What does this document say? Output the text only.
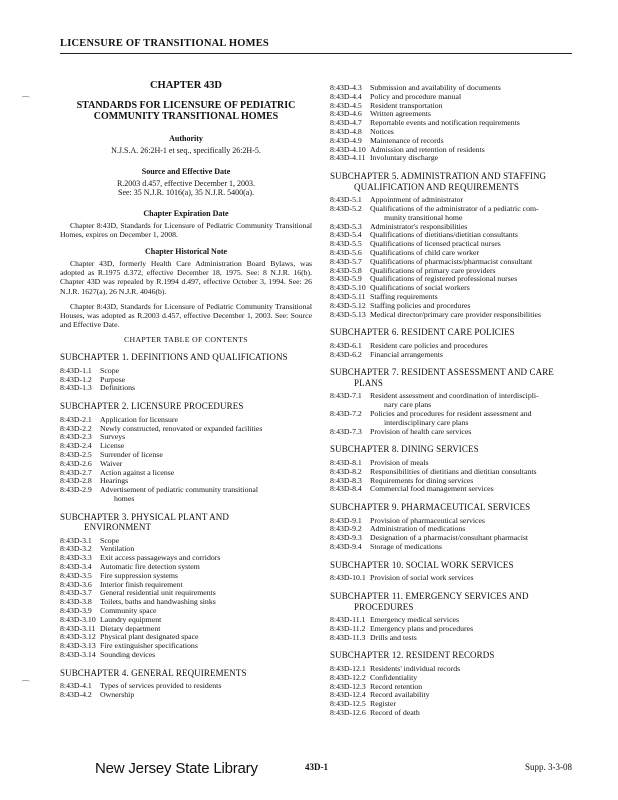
LICENSURE OF TRANSITIONAL HOMES
CHAPTER 43D
STANDARDS FOR LICENSURE OF PEDIATRIC
COMMUNITY TRANSITIONAL HOMES
Authority
N.J.S.A. 26:2H-1 et seq., specifically 26:2H-5.
Source and Effective Date
R.2003 d.457, effective December 1, 2003.
See: 35 N.J.R. 1016(a), 35 N.J.R. 5400(a).
Chapter Expiration Date

Chapter 8:43D, Standards for Licensure of Pediatric Community Transitional Homes, expires on December 1, 2008.

Chapter Historical Note

Chapter 43D, formerly Health Care Administration Board Bylaws, was adopted as R.1975 d.372, effective December 18, 1975. See: 8 N.J.R. 16(b). Chapter 43D was repealed by R.1994 d.497, effective October 3, 1994. See: 26 N.J.R. 1627(a), 26 N.J.R. 4046(b).

Chapter 8:43D, Standards for Licensure of Pediatric Community Transitional Houses, was adopted as R.2003 d.457, effective December 1, 2003. See: Source and Effective Date.

CHAPTER TABLE OF CONTENTS
SUBCHAPTER 1. DEFINITIONS AND QUALIFICATIONS
8:43D-1.1	Scope
8:43D-1.2	Purpose
8:43D-1.3	Definitions
SUBCHAPTER 2. LICENSURE PROCEDURES
8:43D-2.1	Application for licensure
8:43D-2.2	Newly constructed, renovated or expanded facilities
8:43D-2.3	Surveys
8:43D-2.4	License
8:43D-2.5	Surrender of license
8:43D-2.6	Waiver
8:43D-2.7	Action against a license
8:43D-2.8	Hearings
8:43D-2.9	Advertisement of pediatric community transitional
homes
SUBCHAPTER 3. PHYSICAL PLANT AND
ENVIRONMENT
8:43D-3.1	Scope
8:43D-3.2	Ventilation
8:43D-3.3	Exit access passageways and corridors
8:43D-3.4	Automatic fire detection system
8:43D-3.5	Fire suppression systems
8:43D-3.6	Interior finish requirement
8:43D-3.7	General residential unit requirements
8:43D-3.8	Toilets, baths and handwashing sinks
8:43D-3.9	Community space
8:43D-3.10 Laundry equipment
8:43D-3.11 Dietary department
8:43D-3.12 Physical plant designated space
8:43D-3.13 Fire extinguisher specifications
8:43D-3.14 Sounding devices
SUBCHAPTER 4. GENERAL REQUIREMENTS
8:43D-4.1	Types of services provided to residents
8:43D-4.2	Ownership
8:43D-4.3	Submission and availability of documents
8:43D-4.4	Policy and procedure manual
8:43D-4.5	Resident transportation
8:43D-4.6	Written agreements
8:43D-4.7	Reportable events and notification requirements
8:43D-4.8	Notices
8:43D-4.9	Maintenance of records
8:43D-4.10 Admission and retention of residents
8:43D-4.11 Involuntary discharge
SUBCHAPTER 5. ADMINISTRATION AND STAFFING
QUALIFICATION AND REQUIREMENTS
8:43D-5.1	Appointment of administrator
8:43D-5.2	Qualifications of the administrator of a pediatric com-
munity transitional home
8:43D-5.3	Administrator's responsibilities
8:43D-5.4	Qualifications of dietitians/dietitian consultants
8:43D-5.5	Qualifications of licensed practical nurses
8:43D-5.6	Qualifications of child care worker
8:43D-5.7	Qualifications of pharmacists/pharmacist consultant
8:43D-5.8	Qualifications of primary care providers
8:43D-5.9	Qualifications of registered professional nurses
8:43D-5.10 Qualifications of social workers
8:43D-5.11 Staffing requirements
8:43D-5.12 Staffing policies and procedures
8:43D-5.13 Medical director/primary care provider responsibilities
SUBCHAPTER 6. RESIDENT CARE POLICIES
8:43D-6.1	Resident care policies and procedures
8:43D-6.2	Financial arrangements
SUBCHAPTER 7. RESIDENT ASSESSMENT AND CARE
PLANS
8:43D-7.1	Resident assessment and coordination of interdiscipli-
nary care plans
8:43D-7.2	Policies and procedures for resident assessment and
interdisciplinary care plans
8:43D-7.3	Provision of health care services
SUBCHAPTER 8. DINING SERVICES
8:43D-8.1	Provision of meals
8:43D-8.2	Responsibilities of dietitians and dietitian consultants
8:43D-8.3	Requirements for dining services
8:43D-8.4	Commercial food management services
SUBCHAPTER 9. PHARMACEUTICAL SERVICES
8:43D-9.1	Provision of pharmaceutical services
8:43D-9.2	Administration of medications
8:43D-9.3	Designation of a pharmacist/consultant pharmacist
8:43D-9.4	Storage of medications
SUBCHAPTER 10. SOCIAL WORK SERVICES
8:43D-10.1 Provision of social work services
SUBCHAPTER 11. EMERGENCY SERVICES AND
PROCEDURES
8:43D-11.1 Emergency medical services
8:43D-11.2 Emergency plans and procedures
8:43D-11.3 Drills and tests
SUBCHAPTER 12. RESIDENT RECORDS
8:43D-12.1 Residents' individual records
8:43D-12.2 Confidentiality
8:43D-12.3 Record retention
8:43D-12.4 Record availability
8:43D-12.5 Register
8:43D-12.6 Record of death
⁀
⁀
New Jersey State Library	43D-1	Supp. 3-3-08
